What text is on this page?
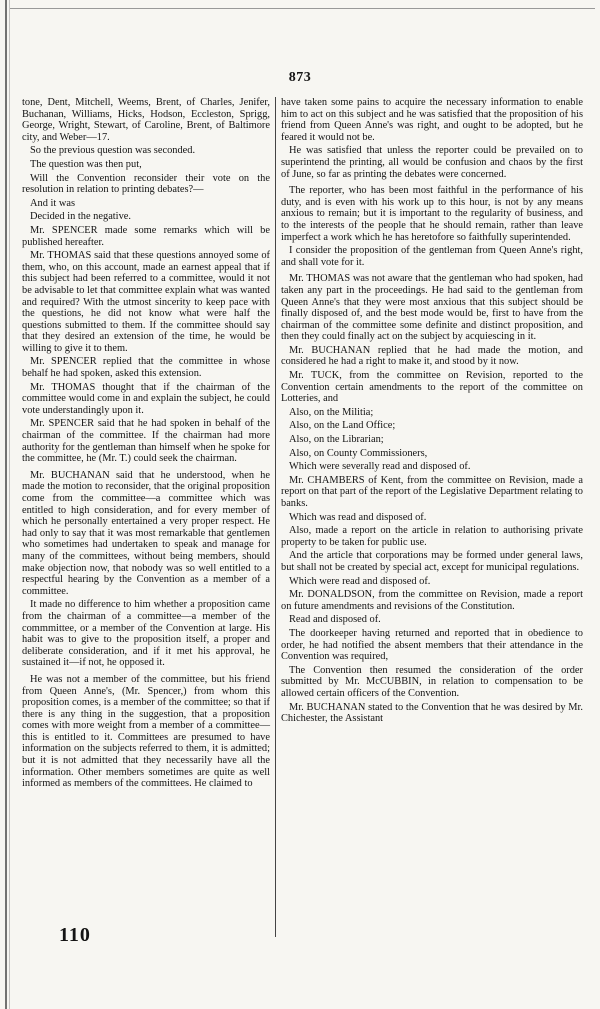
873

tone, Dent, Mitchell, Weems, Brent, of Charles, Jenifer, Buchanan, Williams, Hicks, Hodson, Eccleston, Sprigg, George, Wright, Stewart, of Caroline, Brent, of Baltimore city, and Weber—17.

So the previous question was seconded.

The question was then put,

Will the Convention reconsider their vote on the resolution in relation to printing debates?—

And it was

Decided in the negative.

Mr. SPENCER made some remarks which will be published hereafter.

Mr. THOMAS said that these questions annoyed some of them, who, on this account, made an earnest appeal that if this subject had been referred to a committee, would it not be advisable to let that committee explain what was wanted and required? With the utmost sincerity to keep pace with the questions, he did not know what were half the questions submitted to them. If the committee should say that they desired an extension of the time, he would be willing to give it to them.

Mr. SPENCER replied that the committee in whose behalf he had spoken, asked this extension.

Mr. THOMAS thought that if the chairman of the committee would come in and explain the subject, he could vote understandingly upon it.

Mr. SPENCER said that he had spoken in behalf of the chairman of the committee. If the chairman had more authority for the gentleman than himself when he spoke for the committee, he (Mr. T.) could seek the chairman.

Mr. BUCHANAN said that he understood, when he made the motion to reconsider, that the original proposition come from the committee—a committee which was entitled to high consideration, and for every member of which he personally entertained a very proper respect. He had only to say that it was most remarkable that gentlemen who sometimes had undertaken to speak and manage for many of the committees, without being members, should make objection now, that nobody was so well entitled to a respectful hearing by the Convention as a member of a committee.

It made no difference to him whether a proposition came from the chairman of a committee—a member of the commmittee, or a member of the Convention at large. His habit was to give to the proposition itself, a proper and deliberate consideration, and if it met his approval, he sustained it—if not, he opposed it.

He was not a member of the committee, but his friend from Queen Anne's, (Mr. Spencer,) from whom this proposition comes, is a member of the committee; so that if there is any thing in the suggestion, that a proposition comes with more weight from a member of a committee—this is entitled to it. Committees are presumed to have information on the subjects referred to them, it is admitted; but it is not admitted that they necessarily have all the information. Other members sometimes are quite as well informed as members of the committees. He claimed to

have taken some pains to acquire the necessary information to enable him to act on this subject and he was satisfied that the proposition of his friend from Queen Anne's was right, and ought to be adopted, but he feared it would not be.

He was satisfied that unless the reporter could be prevailed on to superintend the printing, all would be confusion and chaos by the first of June, so far as printing the debates were concerned.

The reporter, who has been most faithful in the performance of his duty, and is even with his work up to this hour, is not by any means anxious to remain; but it is important to the regularity of business, and to the interests of the people that he should remain, rather than leave imperfect a work which he has heretofore so faithfully superintended.

I consider the proposition of the gentleman from Queen Anne's right, and shall vote for it.

Mr. THOMAS was not aware that the gentleman who had spoken, had taken any part in the proceedings. He had said to the gentleman from Queen Anne's that they were most anxious that this subject should be finally disposed of, and the best mode would be, first to have from the chairman of the committee some definite and distinct proposition, and then they could finally act on the subject by acquiescing in it.

Mr. BUCHANAN replied that he had made the motion, and considered he had a right to make it, and stood by it now.

Mr. TUCK, from the committee on Revision, reported to the Convention certain amendments to the report of the committee on Lotteries, and

Also, on the Militia;

Also, on the Land Office;

Also, on the Librarian;

Also, on County Commissioners,

Which were severally read and disposed of.

Mr. CHAMBERS of Kent, from the committee on Revision, made a report on that part of the report of the Legislative Department relating to banks.

Which was read and disposed of.

Also, made a report on the article in relation to authorising private property to be taken for public use.

And the article that corporations may be formed under general laws, but shall not be created by special act, except for municipal regulations.

Which were read and disposed of.

Mr. DONALDSON, from the committee on Revision, made a report on future amendments and revisions of the Constitution.

Read and disposed of.

The doorkeeper having returned and reported that in obedience to order, he had notified the absent members that their attendance in the Convention was required,

The Convention then resumed the consideration of the order submitted by Mr. McCUBBIN, in relation to compensation to be allowed certain officers of the Convention.

Mr. BUCHANAN stated to the Convention that he was desired by Mr. Chichester, the Assistant

110
